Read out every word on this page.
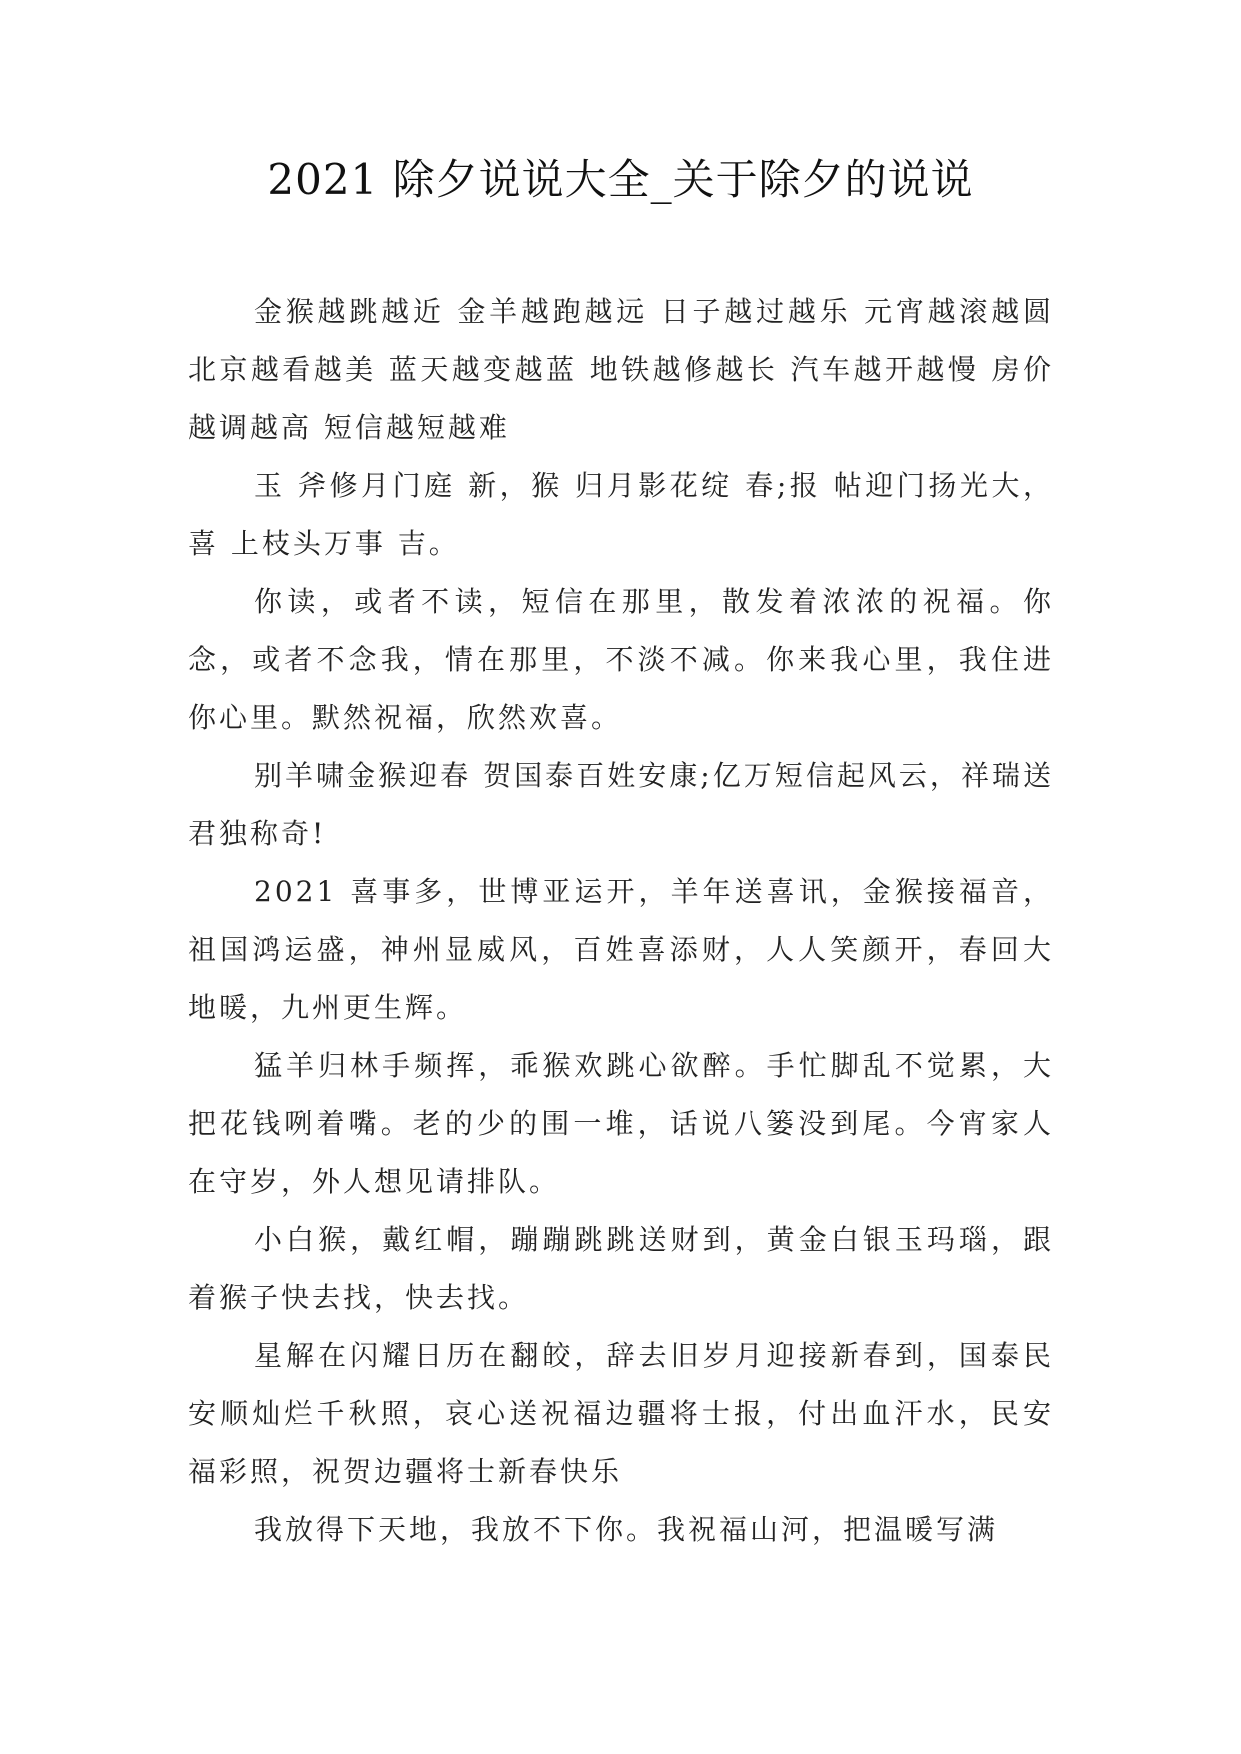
2021 除夕说说大全_关于除夕的说说

金猴越跳越近 金羊越跑越远 日子越过越乐 元宵越滚越圆 北京越看越美 蓝天越变越蓝 地铁越修越长 汽车越开越慢 房价越调越高 短信越短越难

玉 斧修月门庭 新，猴 归月影花绽 春;报 帖迎门扬光大，喜 上枝头万事 吉。

你读，或者不读，短信在那里，散发着浓浓的祝福。你念，或者不念我，情在那里，不淡不减。你来我心里，我住进你心里。默然祝福，欣然欢喜。

别羊啸金猴迎春 贺国泰百姓安康;亿万短信起风云，祥瑞送君独称奇!

2021 喜事多，世博亚运开，羊年送喜讯，金猴接福音，祖国鸿运盛，神州显威风，百姓喜添财，人人笑颜开，春回大地暖，九州更生辉。

猛羊归林手频挥，乖猴欢跳心欲醉。手忙脚乱不觉累，大把花钱咧着嘴。老的少的围一堆，话说八篓没到尾。今宵家人在守岁，外人想见请排队。

小白猴，戴红帽，蹦蹦跳跳送财到，黄金白银玉玛瑙，跟着猴子快去找，快去找。

星解在闪耀日历在翻皎，辞去旧岁月迎接新春到，国泰民安顺灿烂千秋照，哀心送祝福边疆将士报，付出血汗水，民安福彩照，祝贺边疆将士新春快乐

我放得下天地，我放不下你。我祝福山河，把温暖写满
